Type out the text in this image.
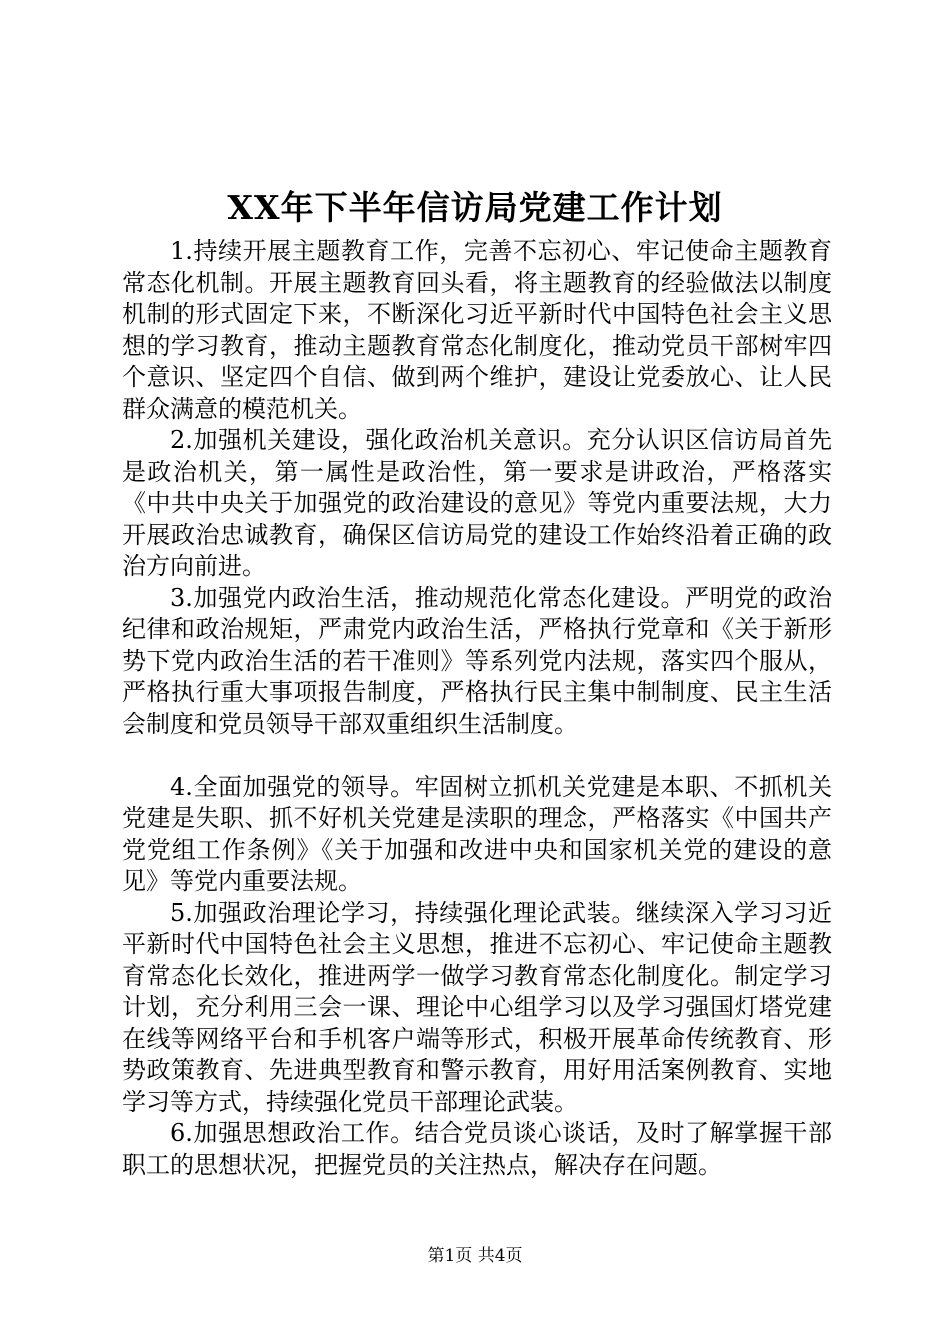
XX年下半年信访局党建工作计划

1.持续开展主题教育工作，完善不忘初心、牢记使命主题教育常态化机制。开展主题教育回头看，将主题教育的经验做法以制度机制的形式固定下来，不断深化习近平新时代中国特色社会主义思想的学习教育，推动主题教育常态化制度化，推动党员干部树牢四个意识、坚定四个自信、做到两个维护，建设让党委放心、让人民群众满意的模范机关。

2.加强机关建设，强化政治机关意识。充分认识区信访局首先是政治机关，第一属性是政治性，第一要求是讲政治，严格落实《中共中央关于加强党的政治建设的意见》等党内重要法规，大力开展政治忠诚教育，确保区信访局党的建设工作始终沿着正确的政治方向前进。

3.加强党内政治生活，推动规范化常态化建设。严明党的政治纪律和政治规矩，严肃党内政治生活，严格执行党章和《关于新形势下党内政治生活的若干准则》等系列党内法规，落实四个服从，严格执行重大事项报告制度，严格执行民主集中制制度、民主生活会制度和党员领导干部双重组织生活制度。

4.全面加强党的领导。牢固树立抓机关党建是本职、不抓机关党建是失职、抓不好机关党建是渎职的理念，严格落实《中国共产党党组工作条例》《关于加强和改进中央和国家机关党的建设的意见》等党内重要法规。

5.加强政治理论学习，持续强化理论武装。继续深入学习习近平新时代中国特色社会主义思想，推进不忘初心、牢记使命主题教育常态化长效化，推进两学一做学习教育常态化制度化。制定学习计划，充分利用三会一课、理论中心组学习以及学习强国灯塔党建在线等网络平台和手机客户端等形式，积极开展革命传统教育、形势政策教育、先进典型教育和警示教育，用好用活案例教育、实地学习等方式，持续强化党员干部理论武装。

6.加强思想政治工作。结合党员谈心谈话，及时了解掌握干部职工的思想状况，把握党员的关注热点，解决存在问题。

第1页 共4页
